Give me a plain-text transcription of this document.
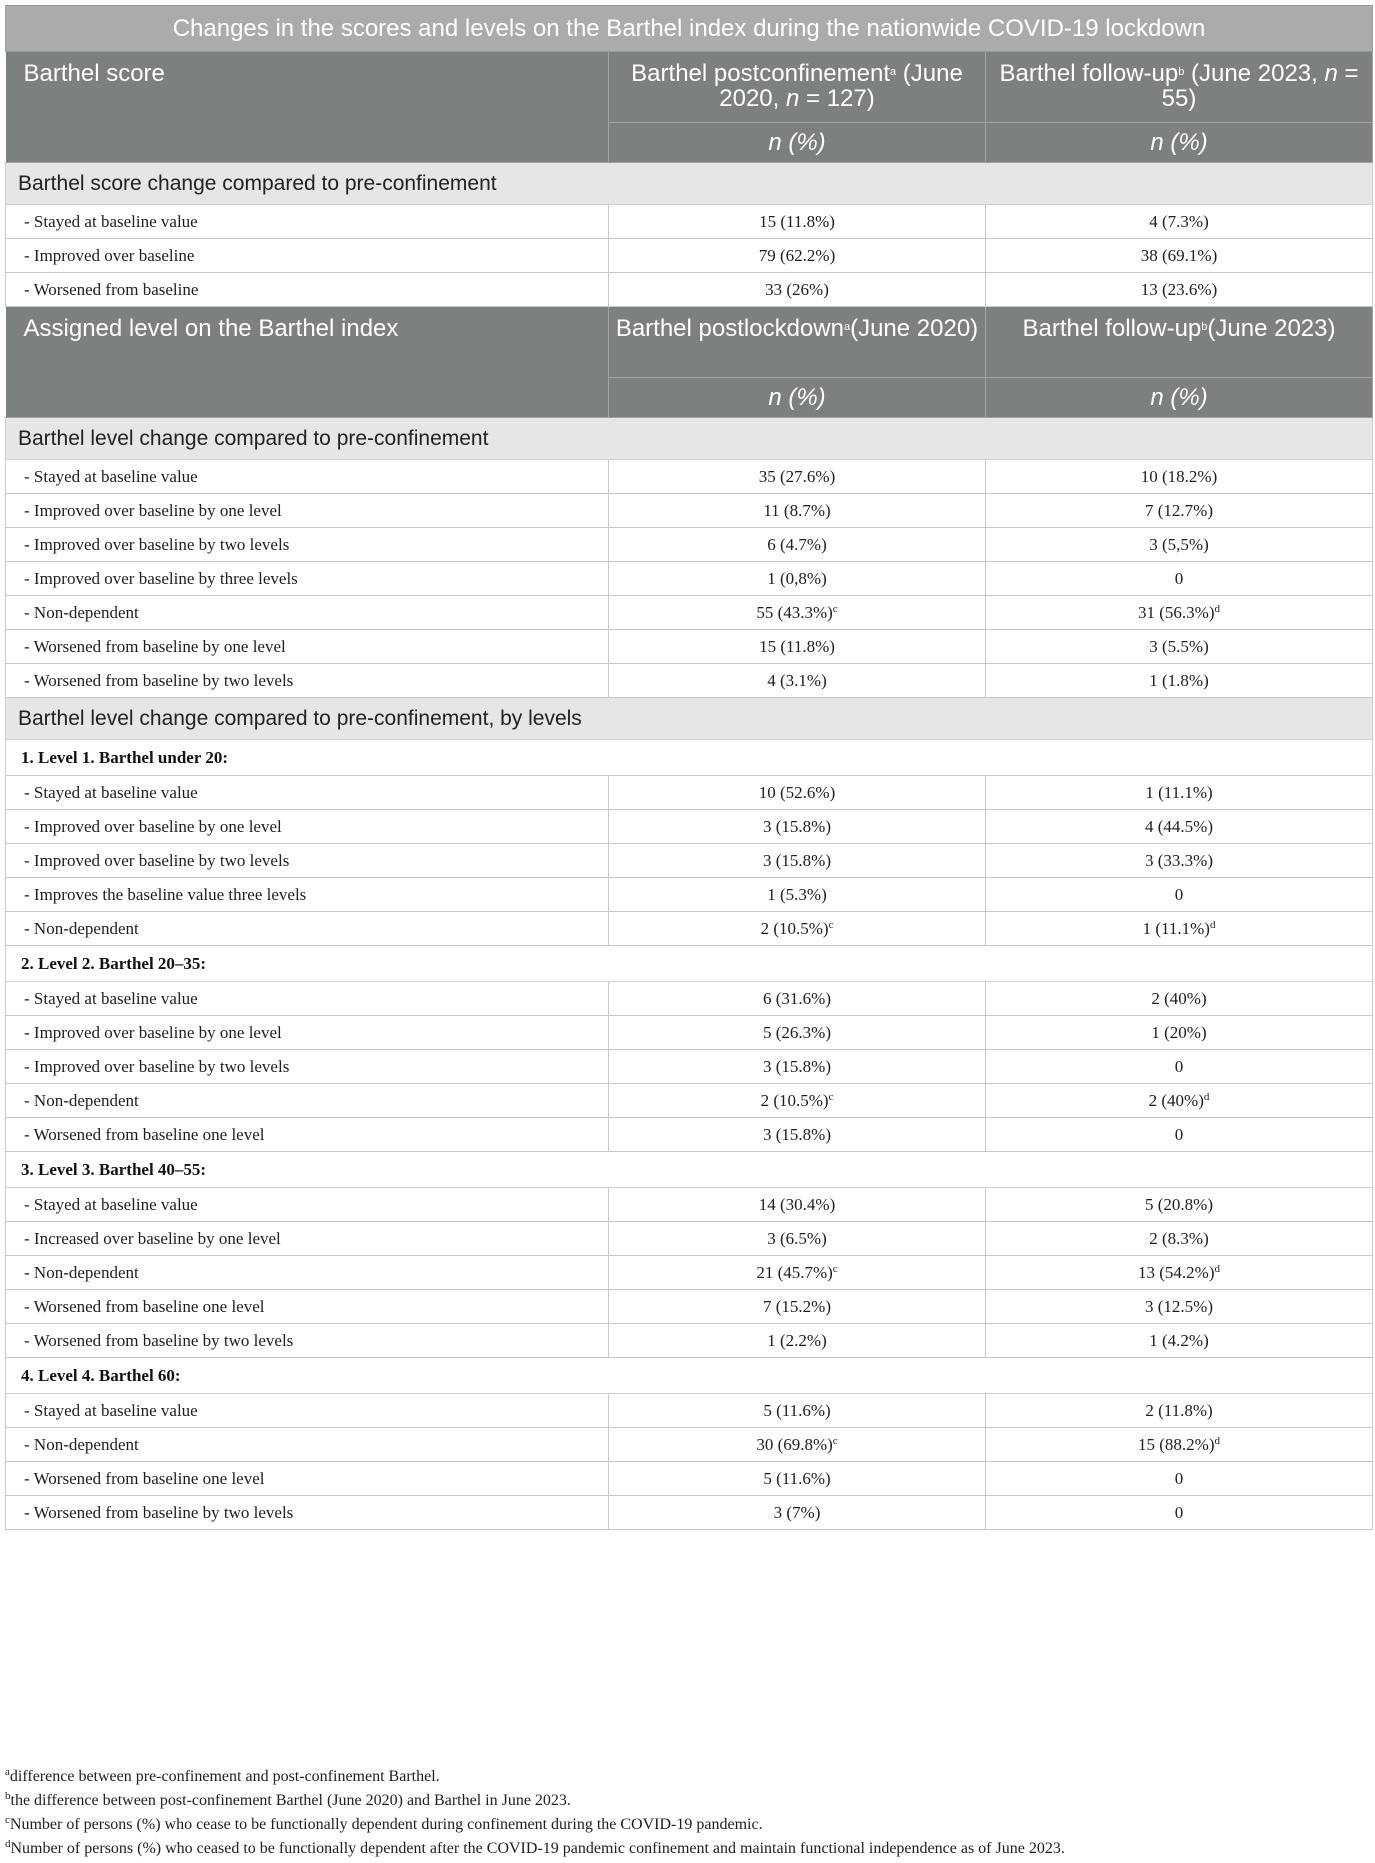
Changes in the scores and levels on the Barthel index during the nationwide COVID-19 lockdown		
Barthel score	Barthel postconfinement$^a$ (June 2020, n = 127)	Barthel follow-$up^b$ (June 2023, n = 55)
	n (%)	n (%)
Barthel score change compared to pre-confinement		
- Stayed at baseline value	15 (11.8%)	4 (7.3%)
- Improved over baseline	79 (62.2%)	38 (69.1%)
- Worsened from baseline	33 (26%)	13 (23.6%)
Assigned level on the Barthel index	Barthel postlockdown$^a$(June 2020)	Barthel follow-$up^b(June$ 2023)
	n (%)	n (%)
Barthel level change compared to pre-confinement		
- Stayed at baseline value	35 (27.6%)	10 (18.2%)
- Improved over baseline by one level	11 (8.7%)	7 (12.7%)
- Improved over baseline by two levels	6 (4.7%)	3 (5,5%)
- Improved over baseline by three levels	1 (0,8%)	0
- Non-dependent	55 $(43.3\%)^c$	31 $(56.3\%)^d$
- Worsened from baseline by one level	15 (11.8%)	3 (5.5%)
- Worsened from baseline by two levels	4 (3.1%)	1 (1.8%)
Barthel level change compared to pre-confinement, by levels		
1. Level 1. Barthel under 20:		
- Stayed at baseline value	10 (52.6%)	1 (11.1%)
- Improved over baseline by one level	3 (15.8%)	4 (44.5%)
- Improved over baseline by two levels	3 (15.8%)	3 (33.3%)
- Improves the baseline value three levels	1 (5.3%)	0
- Non-dependent	2 $(10.5\%)^c$	1 $(11.1\%)^d$
2. Level 2. Barthel 20–35:		
- Stayed at baseline value	6 (31.6%)	2 (40%)
- Improved over baseline by one level	5 (26.3%)	1 (20%)
- Improved over baseline by two levels	3 (15.8%)	0
- Non-dependent	2 $(10.5\%)^c$	2 $(40\%)^d$
- Worsened from baseline one level	3 (15.8%)	0
3. Level 3. Barthel 40–55:		
- Stayed at baseline value	14 (30.4%)	5 (20.8%)
- Increased over baseline by one level	3 (6.5%)	2 (8.3%)
- Non-dependent	21 $(45.7\%)^c$	13 $(54.2\%)^d$
- Worsened from baseline one level	7 (15.2%)	3 (12.5%)
- Worsened from baseline by two levels	1 (2.2%)	1 (4.2%)
4. Level 4. Barthel 60:		
- Stayed at baseline value	5 (11.6%)	2 (11.8%)
- Non-dependent	30 $(69.8\%)^c$	15 $(88.2\%)^d$
- Worsened from baseline one level	5 (11.6%)	0
- Worsened from baseline by two levels	3 (7%)	0
$^a$difference between pre-confinement and post-confinement Barthel.
$^b$the difference between post-confinement Barthel (June 2020) and Barthel in June 2023.
$^c$Number of persons (%) who cease to be functionally dependent during confinement during the COVID-19 pandemic.
$^d$Number of persons (%) who ceased to be functionally dependent after the COVID-19 pandemic confinement and maintain functional independence as of June 2023.
